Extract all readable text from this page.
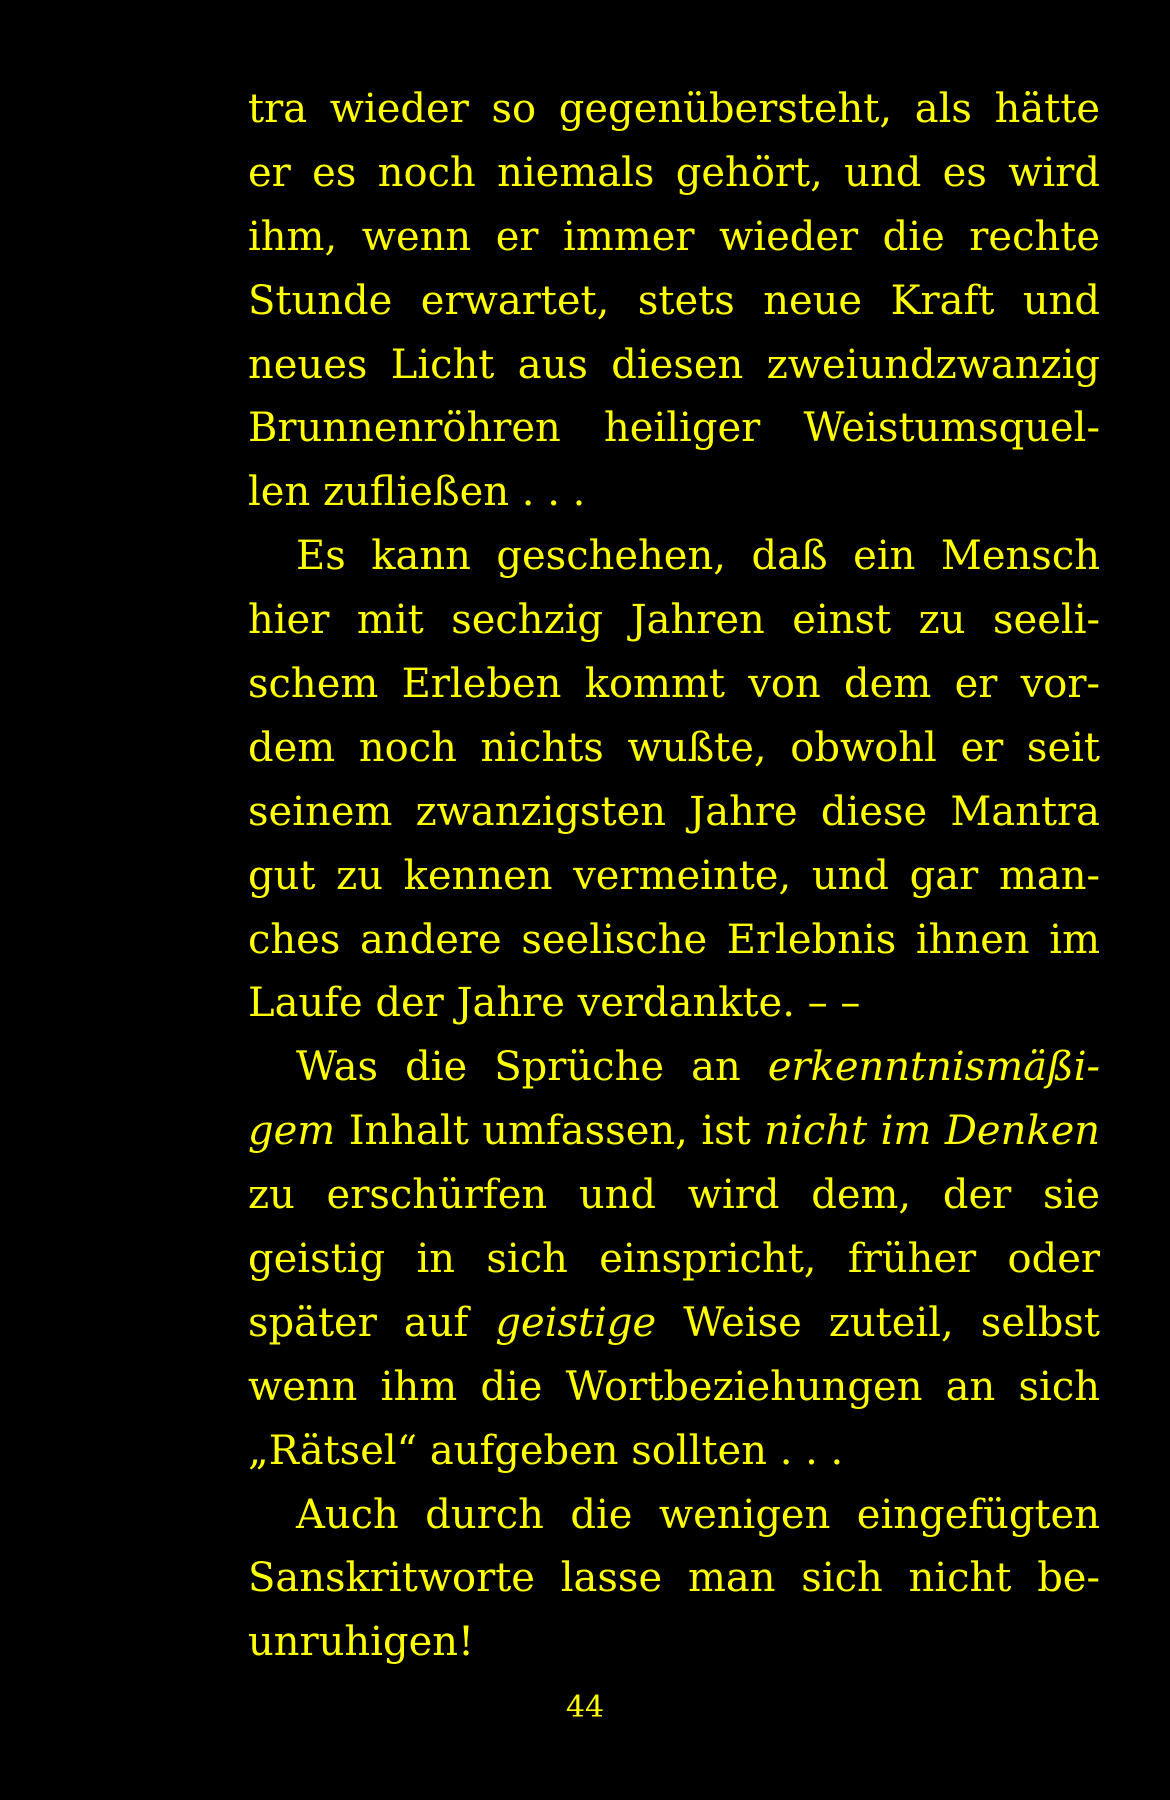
tra wieder so gegenübersteht, als hätte
er es noch niemals gehört, und es wird
ihm, wenn er immer wieder die rechte
Stunde erwartet, stets neue Kraft und
neues Licht aus diesen zweiundzwanzig
Brunnenröhren heiliger Weistumsquel-
len zufließen . . .
Es kann geschehen, daß ein Mensch
hier mit sechzig Jahren einst zu seeli-
schem Erleben kommt von dem er vor-
dem noch nichts wußte, obwohl er seit
seinem zwanzigsten Jahre diese Mantra
gut zu kennen vermeinte, und gar man-
ches andere seelische Erlebnis ihnen im
Laufe der Jahre verdankte. – –
Was die Sprüche an erkenntnismäßi-
gem Inhalt umfassen, ist nicht im Denken
zu erschürfen und wird dem, der sie
geistig in sich einspricht, früher oder
später auf geistige Weise zuteil, selbst
wenn ihm die Wortbeziehungen an sich
„Rätsel“ aufgeben sollten . . .
Auch durch die wenigen eingefügten
Sanskritworte lasse man sich nicht be-
unruhigen!
44
